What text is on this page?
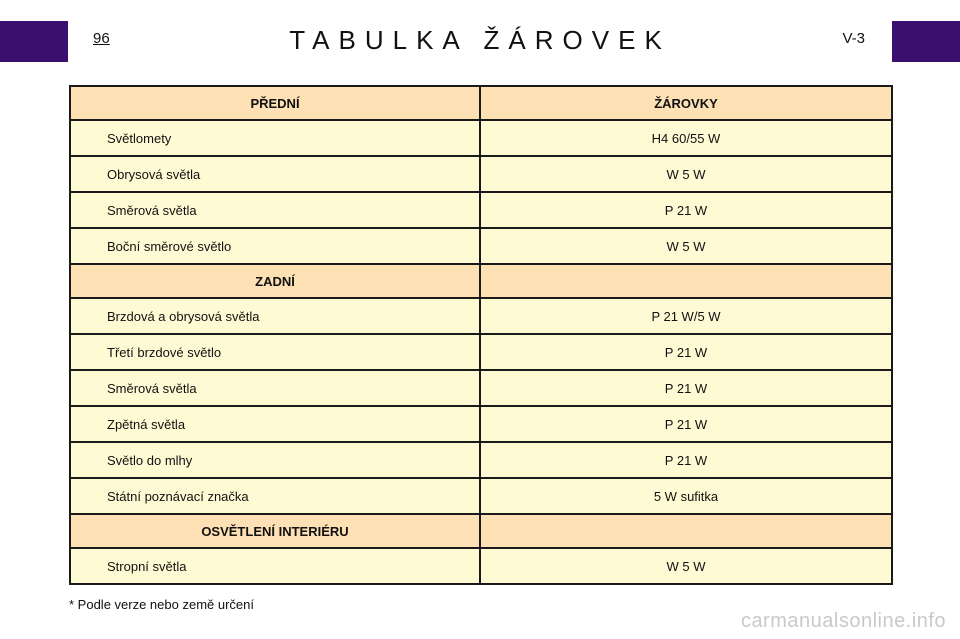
96	TABULKA ŽÁROVEK	V-3
PŘEDNÍ	ŽÁROVKY
Světlomety	H4 60/55 W
Obrysová světla	W 5 W
Směrová světla	P 21 W
Boční směrové světlo	W 5 W
ZADNÍ	
Brzdová a obrysová světla	P 21 W/5 W
Třetí brzdové světlo	P 21 W
Směrová světla	P 21 W
Zpětná světla	P 21 W
Světlo do mlhy	P 21 W
Státní poznávací značka	5 W sufitka
OSVĚTLENÍ INTERIÉRU	
Stropní světla	W 5 W
* Podle verze nebo země určení
carmanualsonline.info
